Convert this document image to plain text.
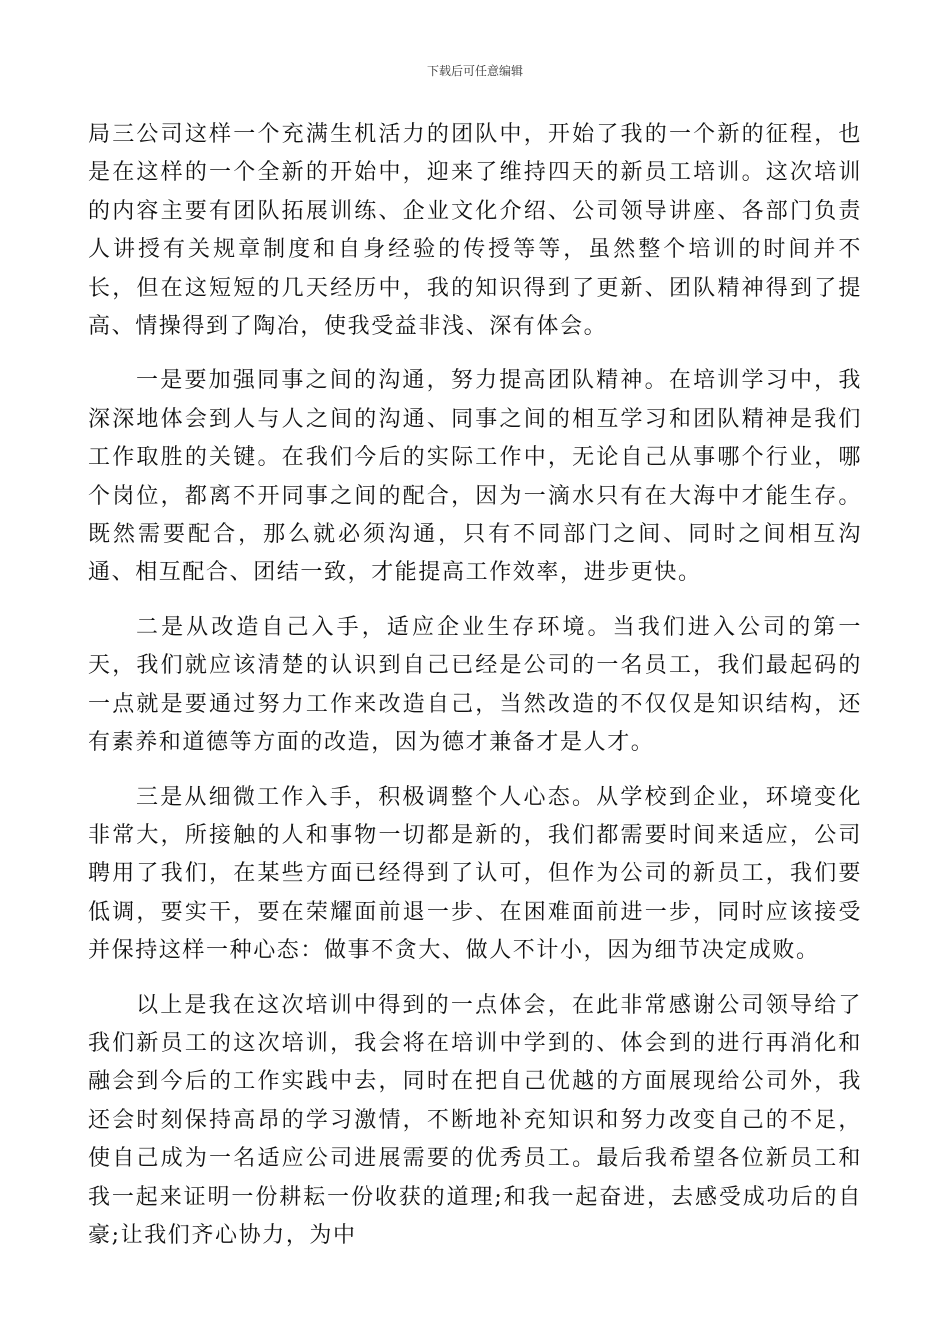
下载后可任意编辑

局三公司这样一个充满生机活力的团队中，开始了我的一个新的征程，也是在这样的一个全新的开始中，迎来了维持四天的新员工培训。这次培训的内容主要有团队拓展训练、企业文化介绍、公司领导讲座、各部门负责人讲授有关规章制度和自身经验的传授等等，虽然整个培训的时间并不长，但在这短短的几天经历中，我的知识得到了更新、团队精神得到了提高、情操得到了陶冶，使我受益非浅、深有体会。

一是要加强同事之间的沟通，努力提高团队精神。在培训学习中，我深深地体会到人与人之间的沟通、同事之间的相互学习和团队精神是我们工作取胜的关键。在我们今后的实际工作中，无论自己从事哪个行业，哪个岗位，都离不开同事之间的配合，因为一滴水只有在大海中才能生存。既然需要配合，那么就必须沟通，只有不同部门之间、同时之间相互沟通、相互配合、团结一致，才能提高工作效率，进步更快。

二是从改造自己入手，适应企业生存环境。当我们进入公司的第一天，我们就应该清楚的认识到自己已经是公司的一名员工，我们最起码的一点就是要通过努力工作来改造自己，当然改造的不仅仅是知识结构，还有素养和道德等方面的改造，因为德才兼备才是人才。

三是从细微工作入手，积极调整个人心态。从学校到企业，环境变化非常大，所接触的人和事物一切都是新的，我们都需要时间来适应，公司聘用了我们，在某些方面已经得到了认可，但作为公司的新员工，我们要低调，要实干，要在荣耀面前退一步、在困难面前进一步，同时应该接受并保持这样一种心态：做事不贪大、做人不计小，因为细节决定成败。

以上是我在这次培训中得到的一点体会，在此非常感谢公司领导给了我们新员工的这次培训，我会将在培训中学到的、体会到的进行再消化和融会到今后的工作实践中去，同时在把自己优越的方面展现给公司外，我还会时刻保持高昂的学习激情，不断地补充知识和努力改变自己的不足，使自己成为一名适应公司进展需要的优秀员工。最后我希望各位新员工和我一起来证明一份耕耘一份收获的道理;和我一起奋进，去感受成功后的自豪;让我们齐心协力，为中
